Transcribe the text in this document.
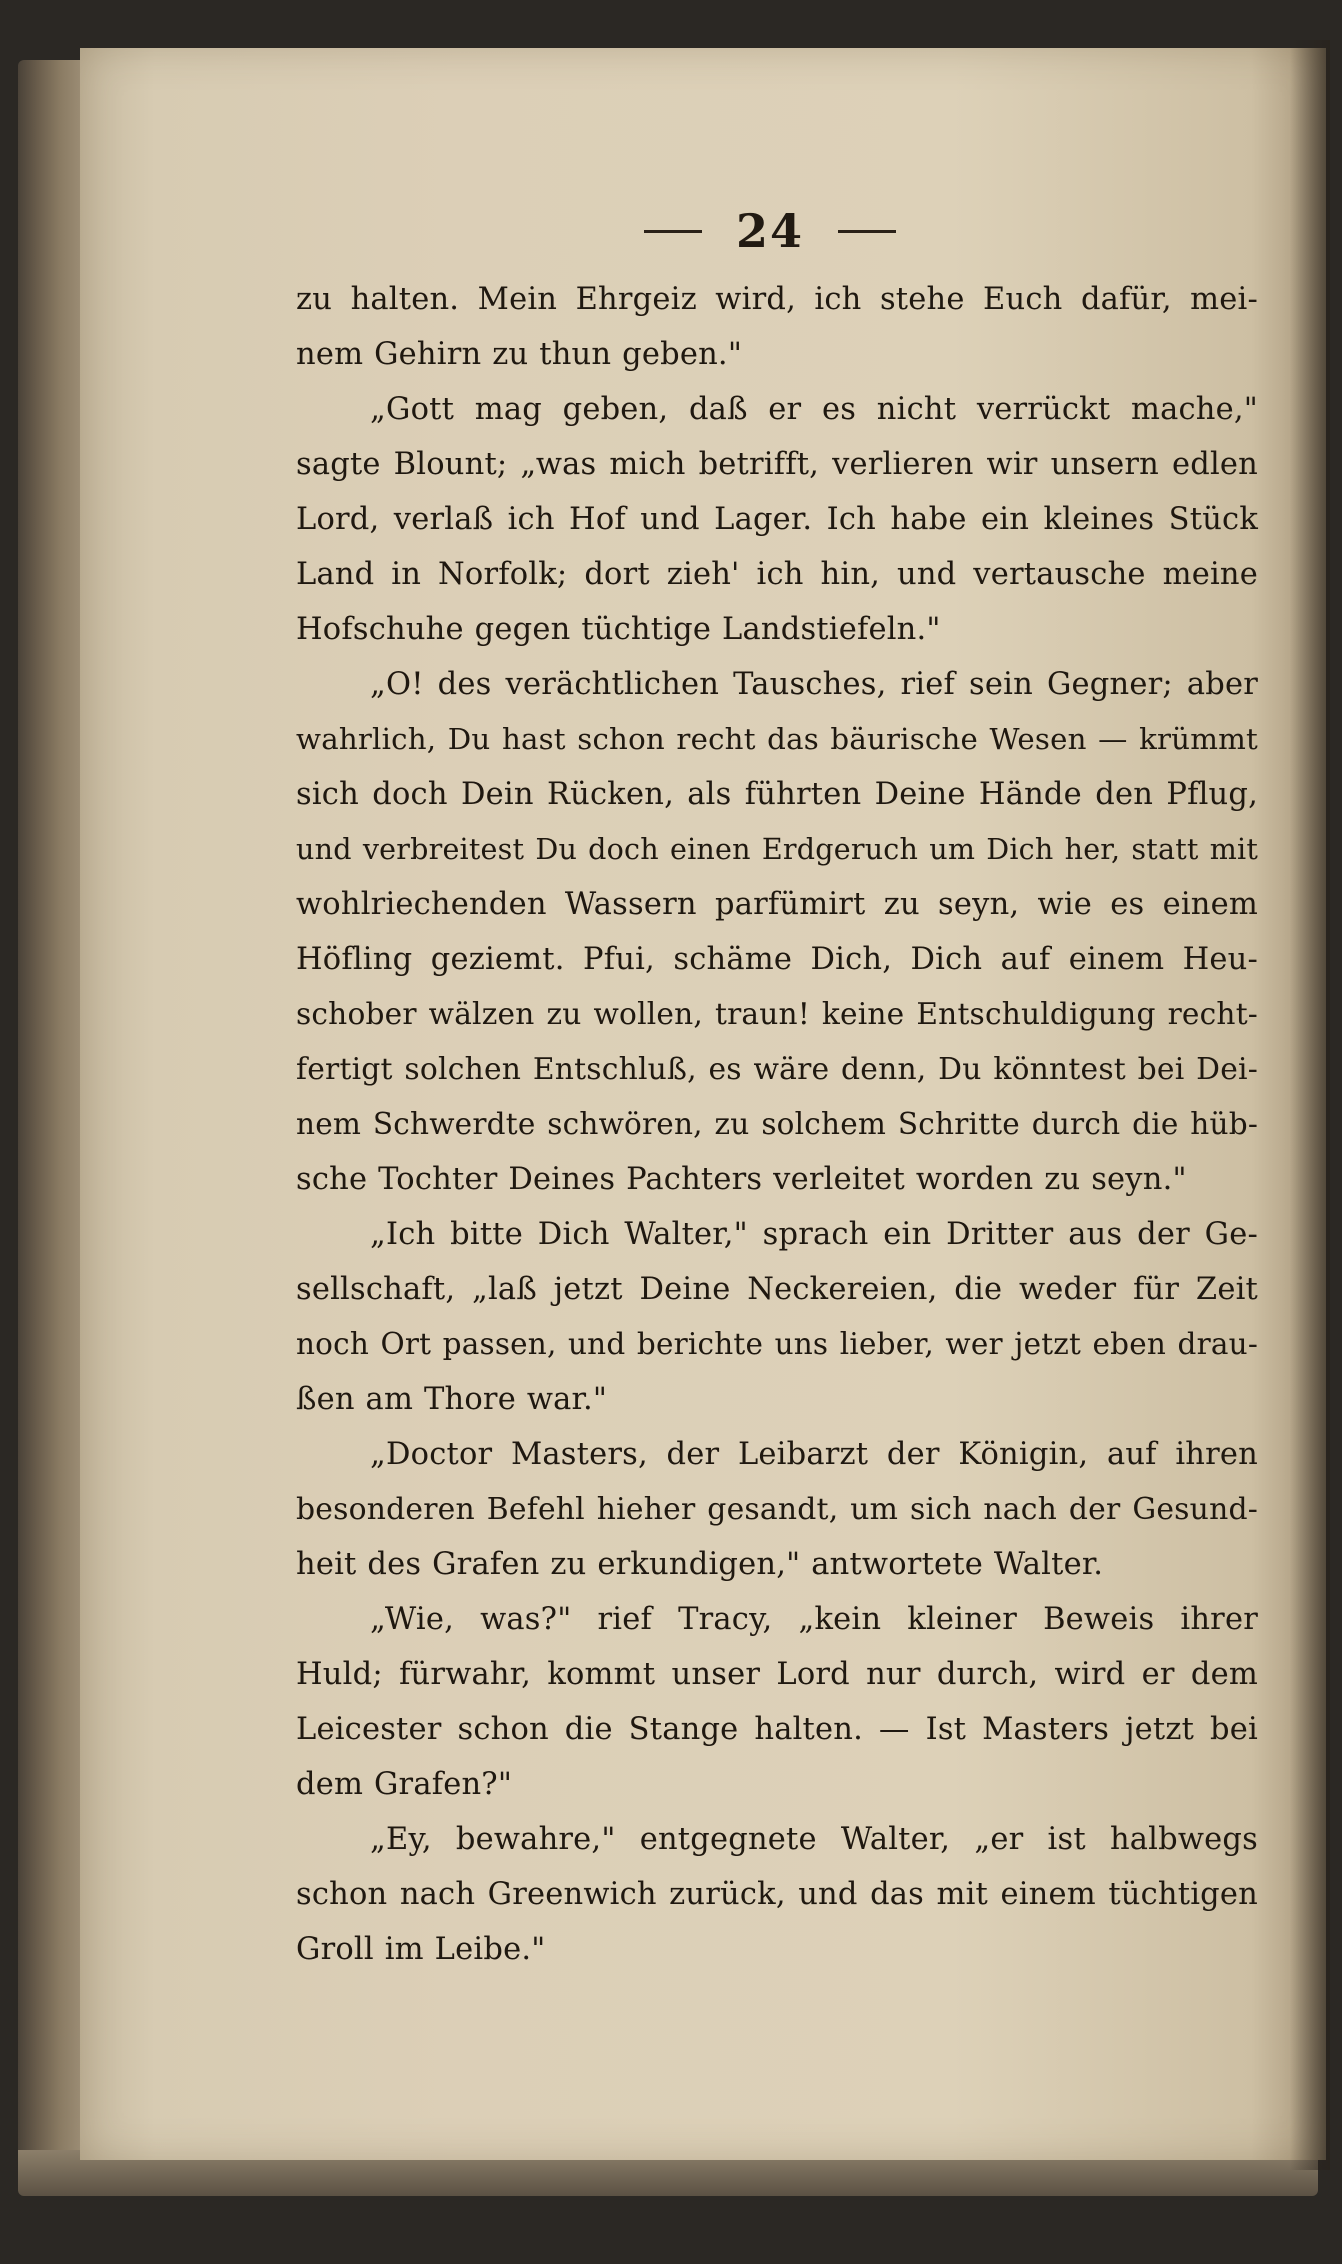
24
zu halten. Mein Ehrgeiz wird, ich stehe Euch dafür, mei-
nem Gehirn zu thun geben."
„Gott mag geben, daß er es nicht verrückt mache,"
sagte Blount; „was mich betrifft, verlieren wir unsern edlen
Lord, verlaß ich Hof und Lager. Ich habe ein kleines Stück
Land in Norfolk; dort zieh' ich hin, und vertausche meine
Hofschuhe gegen tüchtige Landstiefeln."
„O! des verächtlichen Tausches, rief sein Gegner; aber
wahrlich, Du hast schon recht das bäurische Wesen — krümmt
sich doch Dein Rücken, als führten Deine Hände den Pflug,
und verbreitest Du doch einen Erdgeruch um Dich her, statt mit
wohlriechenden Wassern parfümirt zu seyn, wie es einem
Höfling geziemt. Pfui, schäme Dich, Dich auf einem Heu-
schober wälzen zu wollen, traun! keine Entschuldigung recht-
fertigt solchen Entschluß, es wäre denn, Du könntest bei Dei-
nem Schwerdte schwören, zu solchem Schritte durch die hüb-
sche Tochter Deines Pachters verleitet worden zu seyn."
„Ich bitte Dich Walter," sprach ein Dritter aus der Ge-
sellschaft, „laß jetzt Deine Neckereien, die weder für Zeit
noch Ort passen, und berichte uns lieber, wer jetzt eben drau-
ßen am Thore war."
„Doctor Masters, der Leibarzt der Königin, auf ihren
besonderen Befehl hieher gesandt, um sich nach der Gesund-
heit des Grafen zu erkundigen," antwortete Walter.
„Wie, was?" rief Tracy, „kein kleiner Beweis ihrer
Huld; fürwahr, kommt unser Lord nur durch, wird er dem
Leicester schon die Stange halten. — Ist Masters jetzt bei
dem Grafen?"
„Ey, bewahre," entgegnete Walter, „er ist halbwegs
schon nach Greenwich zurück, und das mit einem tüchtigen
Groll im Leibe."
